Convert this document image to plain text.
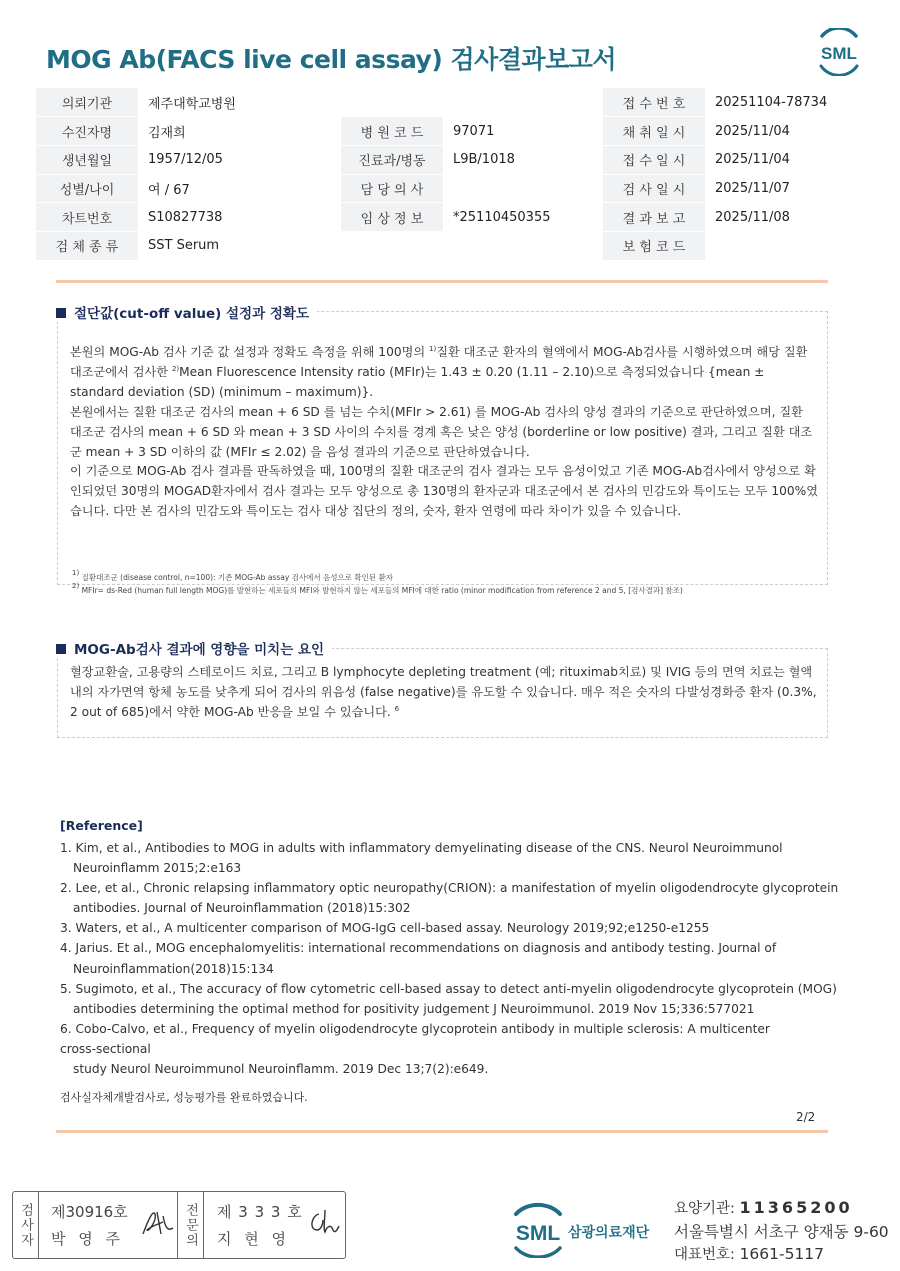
MOG Ab(FACS live cell assay) 검사결과보고서	SML
의뢰기관	제주대학교병원			접 수 번 호	20251104-78734
수진자명	김재희	병 원 코 드	97071	채 취 일 시	2025/11/04
생년월일	1957/12/05	진료과/병동	L9B/1018	접 수 일 시	2025/11/04
성별/나이	여 / 67	담 당 의 사		검 사 일 시	2025/11/07
차트번호	S10827738	임 상 정 보	*25110450355	결 과 보 고	2025/11/08
검 체 종 류	SST Serum			보 험 코 드	
절단값(cut-off value) 설정과 정확도

본원의 MOG-Ab 검사 기준 값 설정과 정확도 측정을 위해 100명의 $^{1)}$질환 대조군 환자의 혈액에서 MOG-Ab검사를 시행하였으며 해당 질환 대조군에서 검사한 $^{2)}$Mean Fluorescence Intensity ratio (MFIr)는 1.43 ± 0.20 (1.11 – 2.10)으로 측정되었습니다 {mean ± standard deviation (SD) (minimum – maximum)}.

본원에서는 질환 대조군 검사의 mean + 6 SD 를 넘는 수치(MFIr > 2.61) 를 MOG-Ab 검사의 양성 결과의 기준으로 판단하였으며, 질환 대조군 검사의 mean + 6 SD 와 mean + 3 SD 사이의 수치를 경계 혹은 낮은 양성 (borderline or low positive) 결과, 그리고 질환 대조군 mean + 3 SD 이하의 값 (MFIr ≤ 2.02) 을 음성 결과의 기준으로 판단하였습니다.

이 기준으로 MOG-Ab 검사 결과를 판독하였을 때, 100명의 질환 대조군의 검사 결과는 모두 음성이었고 기존 MOG-Ab검사에서 양성으로 확인되었던 30명의 MOGAD환자에서 검사 결과는 모두 양성으로 총 130명의 환자군과 대조군에서 본 검사의 민감도와 특이도는 모두 100%였습니다. 다만 본 검사의 민감도와 특이도는 검사 대상 집단의 정의, 숫자, 환자 연령에 따라 차이가 있을 수 있습니다.

$^{1)}$ 질환대조군 (disease control, n=100): 기존 MOG-Ab assay 검사에서 음성으로 확인된 환자
$^{2)}$ MFIr= ds-Red (human full length MOG)를 발현하는 세포들의 MFI와 발현하지 않는 세포들의 MFI에 대한 ratio (minor modification from reference 2 and 5, [검사결과] 참조)
MOG-Ab검사 결과에 영향을 미치는 요인

혈장교환술, 고용량의 스테로이드 치료, 그리고 B lymphocyte depleting treatment (예; rituximab치료) 및 IVIG 등의 면역 치료는 혈액 내의 자가면역 항체 농도를 낮추게 되어 검사의 위음성 (false negative)를 유도할 수 있습니다. 매우 적은 숫자의 다발성경화증 환자 (0.3%, 2 out of 685)에서 약한 MOG-Ab 반응을 보일 수 있습니다. $^6$

[Reference]
1. Kim, et al., Antibodies to MOG in adults with inflammatory demyelinating disease of the CNS. Neurol Neuroimmunol
Neuroinflamm 2015;2:e163
2. Lee, et al., Chronic relapsing inflammatory optic neuropathy(CRION): a manifestation of myelin oligodendrocyte glycoprotein
antibodies. Journal of Neuroinflammation (2018)15:302
3. Waters, et al., A multicenter comparison of MOG-IgG cell-based assay. Neurology 2019;92;e1250-e1255
4. Jarius. Et al., MOG encephalomyelitis: international recommendations on diagnosis and antibody testing. Journal of
Neuroinflammation(2018)15:134
5. Sugimoto, et al., The accuracy of flow cytometric cell-based assay to detect anti-myelin oligodendrocyte glycoprotein (MOG)
antibodies determining the optimal method for positivity judgement J Neuroimmunol. 2019 Nov 15;336:577021
6. Cobo-Calvo, et al., Frequency of myelin oligodendrocyte glycoprotein antibody in multiple sclerosis: A multicenter
cross-sectional
study Neurol Neuroimmunol Neuroinflamm. 2019 Dec 13;7(2):e649.
검사실자체개발검사로, 성능평가를 완료하였습니다.
2/2
검사자 제30916호
박 영 주	전문의 제 3 3 3 호
지 현 영	SML 삼광의료재단
요양기관: 11365200
서울특별시 서초구 양재동 9-60
대표번호: 1661-5117
